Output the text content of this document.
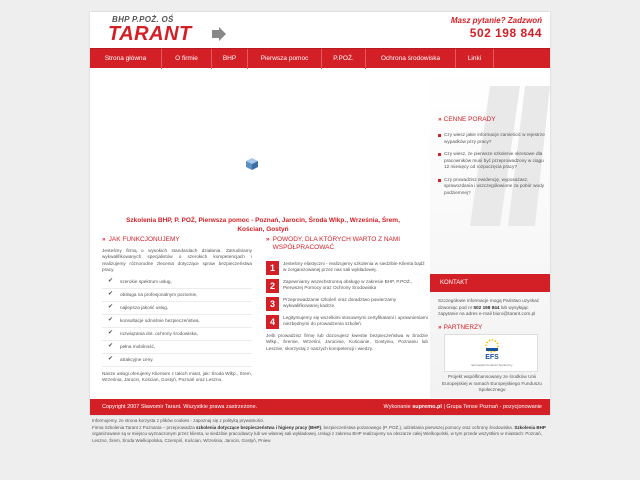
BHP P.POŻ. OŚ
TARANT
Masz pytanie? Zadzwoń
502 198 844
Strona główna	O firmie	BHP	Pierwsza pomoc	P.POŻ.	Ochrona środowiska	Linki
Szkolenia BHP, P. POŻ, Pierwsza pomoc - Poznań, Jarocin, Środa Wlkp., Września, Śrem,
Kościan, Gostyń
» JAK FUNKCJONUJEMY
Jesteśmy firmą o wysokich standardach działania. Zatrudniamy wykwalifikowanych specjalistów o szerokich kompetencjach i realizujemy różnorodne zlecenia dotyczące spraw bezpieczeństwa pracy.
✔ szerokie spektrum usług,
✔ obsługa na profesjonalnym poziomie,
✔ najlepsza jakość usług,
✔ konsultacje odnośnie bezpieczeństwa,
✔ rozwiązania dot. ochrony środowiska,
✔ pełna mobilność,
✔ atrakcyjne ceny.
Nasze usługi oferujemy Klientom z takich miast, jak: Środa Wlkp., Śrem, Września, Jarocin, Kościan, Gostyń, Poznań oraz Leszno.
» POWODY, DLA KTÓRYCH WARTO Z NAMI WSPÓŁPRACOWAĆ
1	Jesteśmy elastyczni - realizujemy szkolenia w siedzibie Klienta bądź w zorganizowanej przez nas sali wykładowej.
2	Zapewniamy wszechstronną obsługę w zakresie BHP, P.POŻ., Pierwszej Pomocy oraz Ochrony Środowiska
3	Przeprowadzanie szkoleń oraz doradztwo powierzamy wykwalifikowanej kadrze.
4	Legitymujemy się wszelkimi stosownymi certyfikatami i uprawnieniami niezbędnymi do prowadzenia szkoleń.
Jeśli prowadzisz firmę lub dozorujesz kwestie bezpieczeństwa w Środzie Wlkp., Śremie, Wrześni, Jarocinie, Kościanie, Gostyniu, Poznaniu lub Lesznie, skorzystaj z naszych kompetencji i wiedzy.
» CENNE PORADY
Czy wiesz jakie informacje zamieścić w rejestrze wypadków przy pracy?
Czy wiesz, że pierwsze szkolenie okresowe dla pracowników musi być przeprowadzony w ciągu 12 miesięcy od rozpoczęcia pracy?
Czy prowadzisz ewidencję, wyposażasz, sprawozdania i uszczegółowione za pobór wody podziemnej?
KONTAKT
Szczegółowe informacje mogą Państwo uzyskać dzwoniąc pod nr 502 198 844 lub wysyłając zapytanie na adres e-mail biuro@tarant.com.pl
» PARTNERZY
EFS
Europejski Fundusz Społeczny
Projekt współfinansowany ze środków Unii Europejskiej w ramach Europejskiego Funduszu Społecznego
Copyright 2007 Sławomir Tarant. Wszystkie prawa zastrzeżone.	Wykonanie supremo.pl | Grupa Tense Poznań - pozycjonowanie
Informujemy, że strona korzysta z plików cookies - zapoznaj się z polityką prywatności.
Firma Szkolenia Tarant z Poznania – przeprowadza szkolenia dotyczące bezpieczeństwa i higieny pracy (BHP), bezpieczeństwa pożarowego (P. POŻ.), udzielania pierwszej pomocy oraz ochrony środowiska. Szkolenia BHP organizowane są w miejscu wyznaczonym przez klienta, w siedzibie pracodawcy lub we własnej sali wykładowej. Usługi z zakresu BHP realizujemy na obszarze całej Wielkopolski, w tym przede wszystkim w miastach: Poznań, Leszno, Śrem, Środa Wielkopolska, Czempiń, Kościan, Września, Jarocin, Gostyń, Pniew
